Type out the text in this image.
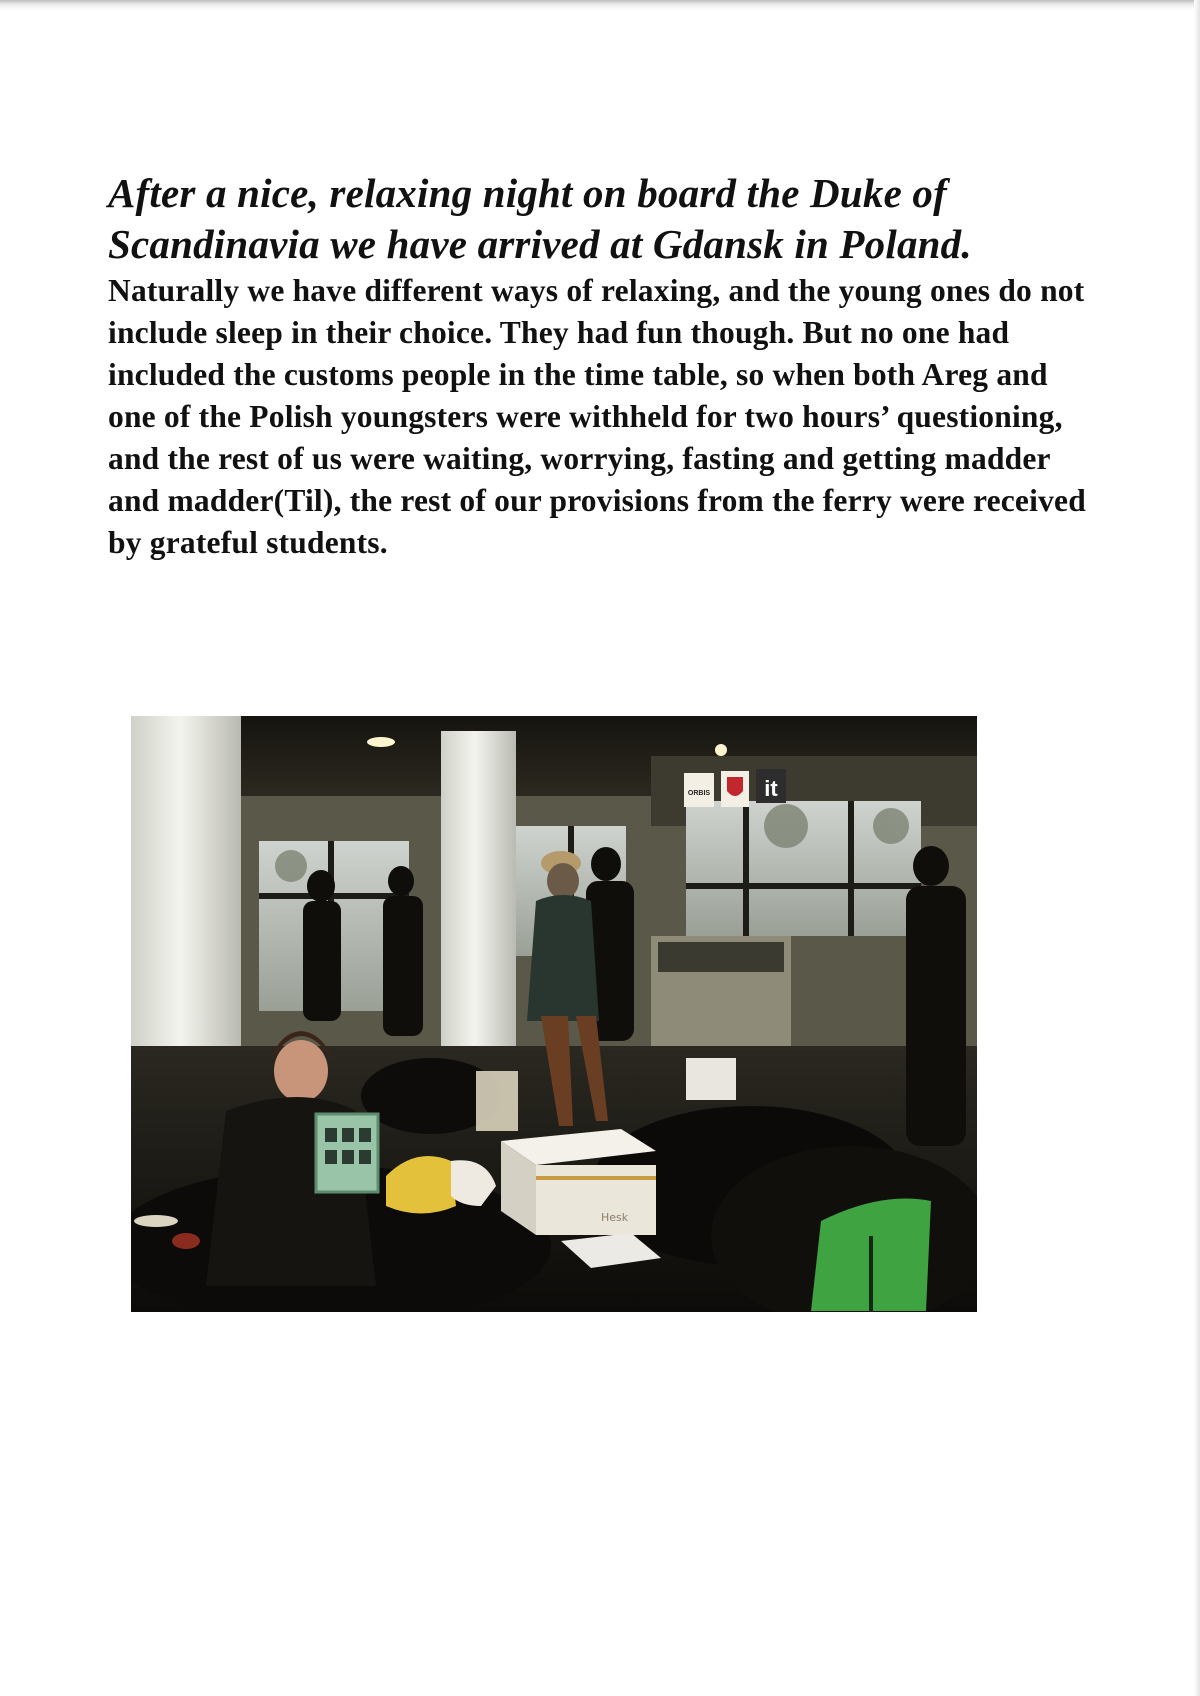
After a nice, relaxing night on board the Duke of Scandinavia we have arrived at Gdansk in Poland.

Naturally we have different ways of relaxing, and the young ones do not include sleep in their choice. They had fun though. But no one had included the customs people in the time table, so when both Areg and one of the Polish youngsters were withheld for two hours’ questioning, and the rest of us were waiting, worrying, fasting and getting madder and madder(Til), the rest of our provisions from the ferry were received by grateful students.

ORBIS it
Hesk
